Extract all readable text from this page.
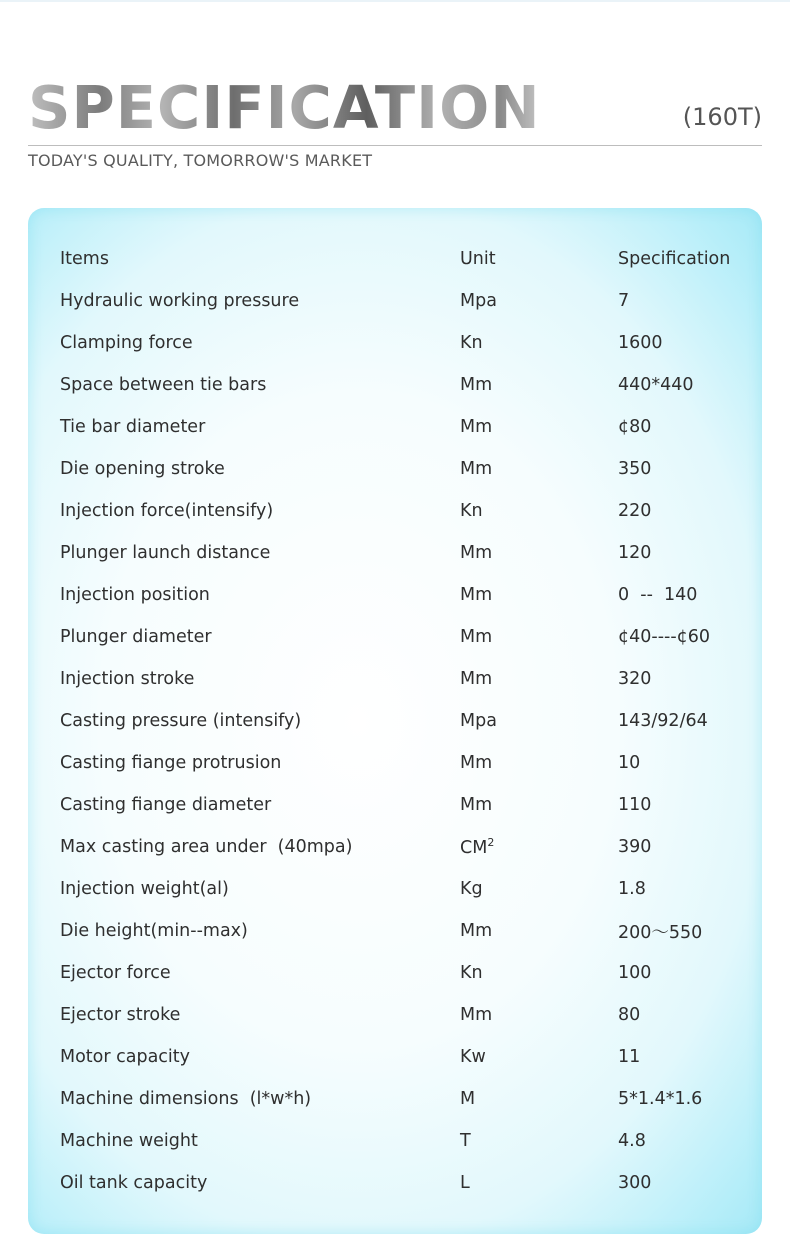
SPECIFICATION	(160T)
TODAY'S QUALITY, TOMORROW'S MARKET
Items	Unit	Specification
Hydraulic working pressure	Mpa	7
Clamping force	Kn	1600
Space between tie bars	Mm	440*440
Tie bar diameter	Mm	¢80
Die opening stroke	Mm	350
Injection force(intensify)	Kn	220
Plunger launch distance	Mm	120
Injection position	Mm	0  --  140
Plunger diameter	Mm	¢40----¢60
Injection stroke	Mm	320
Casting pressure (intensify)	Mpa	143/92/64
Casting fiange protrusion	Mm	10
Casting fiange diameter	Mm	110
Max casting area under  (40mpa)	$CM^2$	390
Injection weight(al)	Kg	1.8
Die height(min--max)	Mm	200～550
Ejector force	Kn	100
Ejector stroke	Mm	80
Motor capacity	Kw	11
Machine dimensions  (l*w*h)	M	5*1.4*1.6
Machine weight	T	4.8
Oil tank capacity	L	300
